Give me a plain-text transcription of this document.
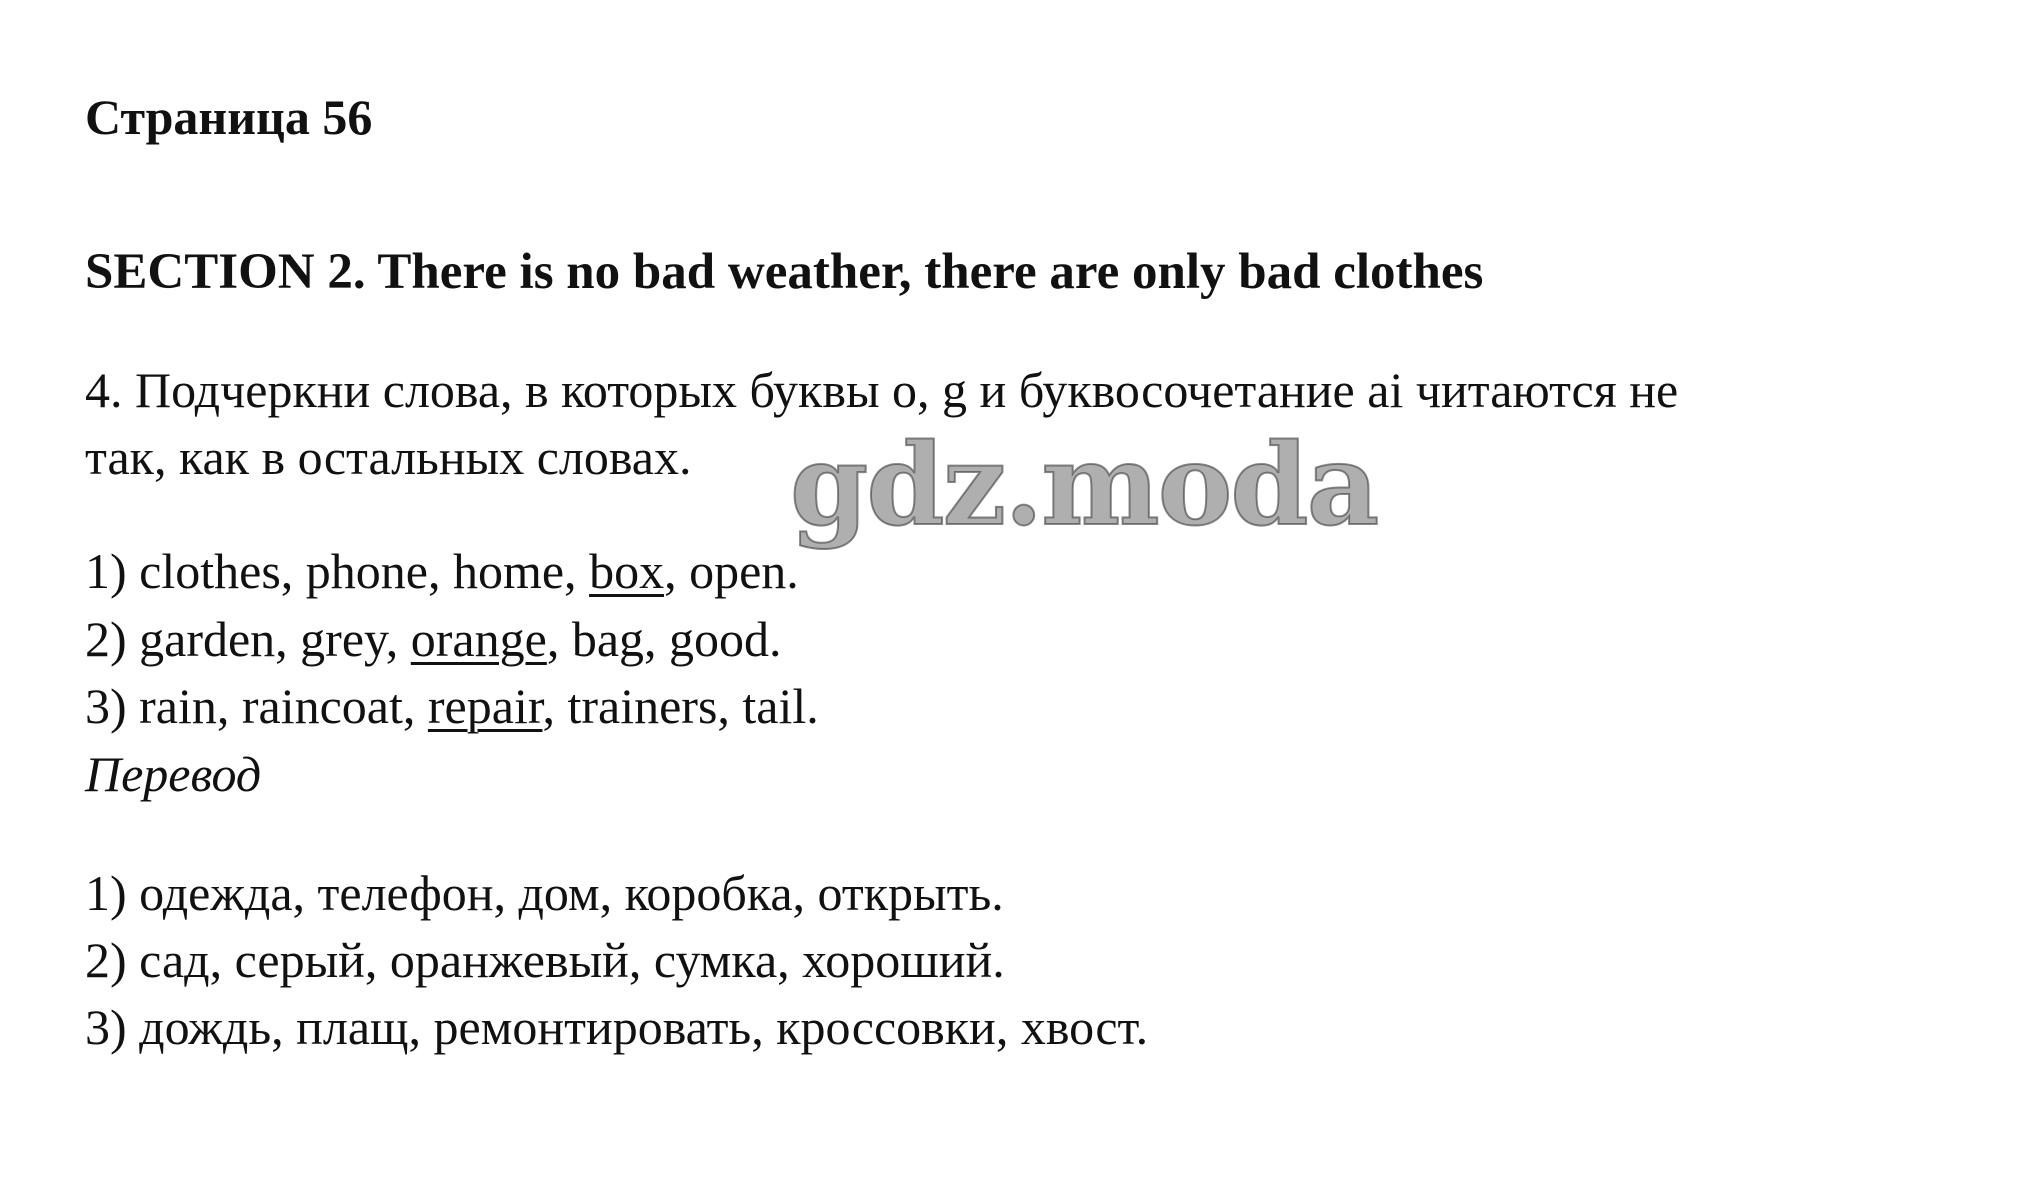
Страница 56
SECTION 2. There is no bad weather, there are only bad clothes
4. Подчеркни слова, в которых буквы o, g и буквосочетание ai читаются не
так, как в остальных словах.
1) clothes, phone, home, box, open.
2) garden, grey, orange, bag, good.
3) rain, raincoat, repair, trainers, tail.
Перевод
1) одежда, телефон, дом, коробка, открыть.
2) сад, серый, оранжевый, сумка, хороший.
3) дождь, плащ, ремонтировать, кроссовки, хвост.
gdz.moda
